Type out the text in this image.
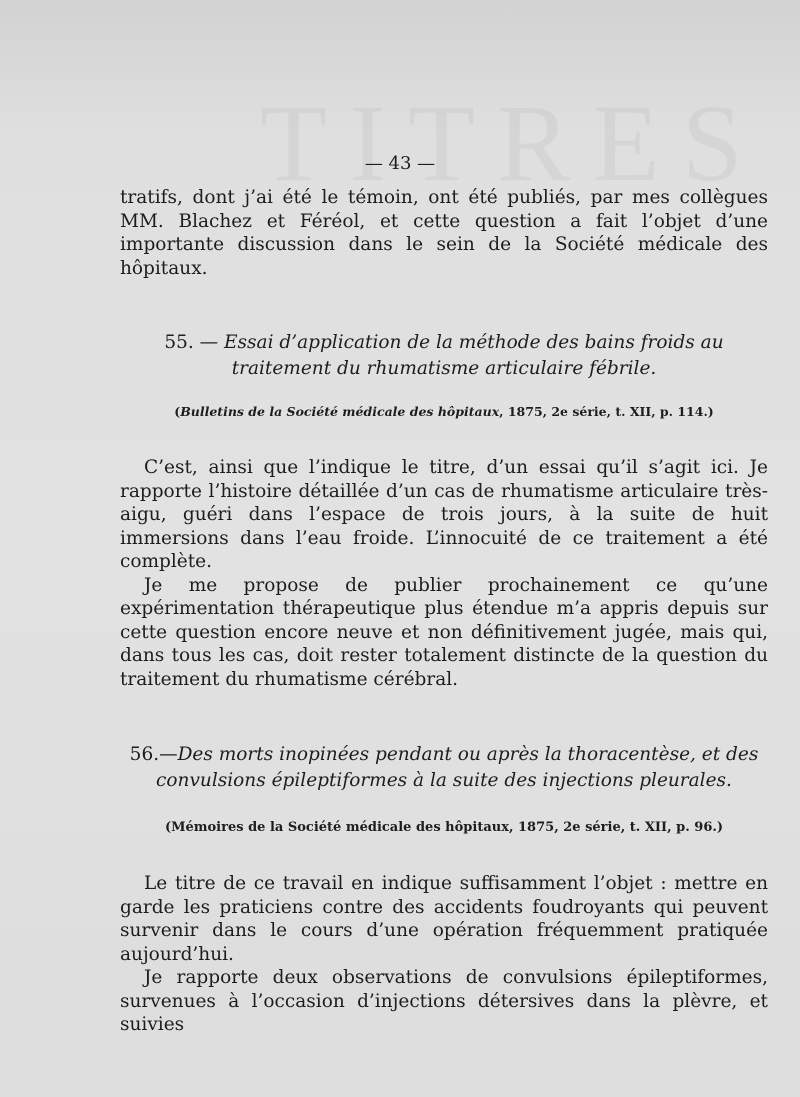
— 43 —

tratifs, dont j’ai été le témoin, ont été publiés, par mes collègues MM. Blachez et Féréol, et cette question a fait l’objet d’une importante discussion dans le sein de la Société médicale des hôpitaux.

55. — Essai d’application de la méthode des bains froids au traitement du rhumatisme articulaire fébrile.
(Bulletins de la Société médicale des hôpitaux, 1875, 2e série, t. XII, p. 114.)

C’est, ainsi que l’indique le titre, d’un essai qu’il s’agit ici. Je rapporte l’histoire détaillée d’un cas de rhumatisme articulaire très-aigu, guéri dans l’espace de trois jours, à la suite de huit immersions dans l’eau froide. L’innocuité de ce traitement a été complète.

Je me propose de publier prochainement ce qu’une expérimentation thérapeutique plus étendue m’a appris depuis sur cette question encore neuve et non définitivement jugée, mais qui, dans tous les cas, doit rester totalement distincte de la question du traitement du rhumatisme cérébral.

56.—Des morts inopinées pendant ou après la thoracentèse, et des convulsions épileptiformes à la suite des injections pleurales.
(Mémoires de la Société médicale des hôpitaux, 1875, 2e série, t. XII, p. 96.)

Le titre de ce travail en indique suffisamment l’objet : mettre en garde les praticiens contre des accidents foudroyants qui peuvent survenir dans le cours d’une opération fréquemment pratiquée aujourd’hui.

Je rapporte deux observations de convulsions épileptiformes, survenues à l’occasion d’injections détersives dans la plèvre, et suivies
